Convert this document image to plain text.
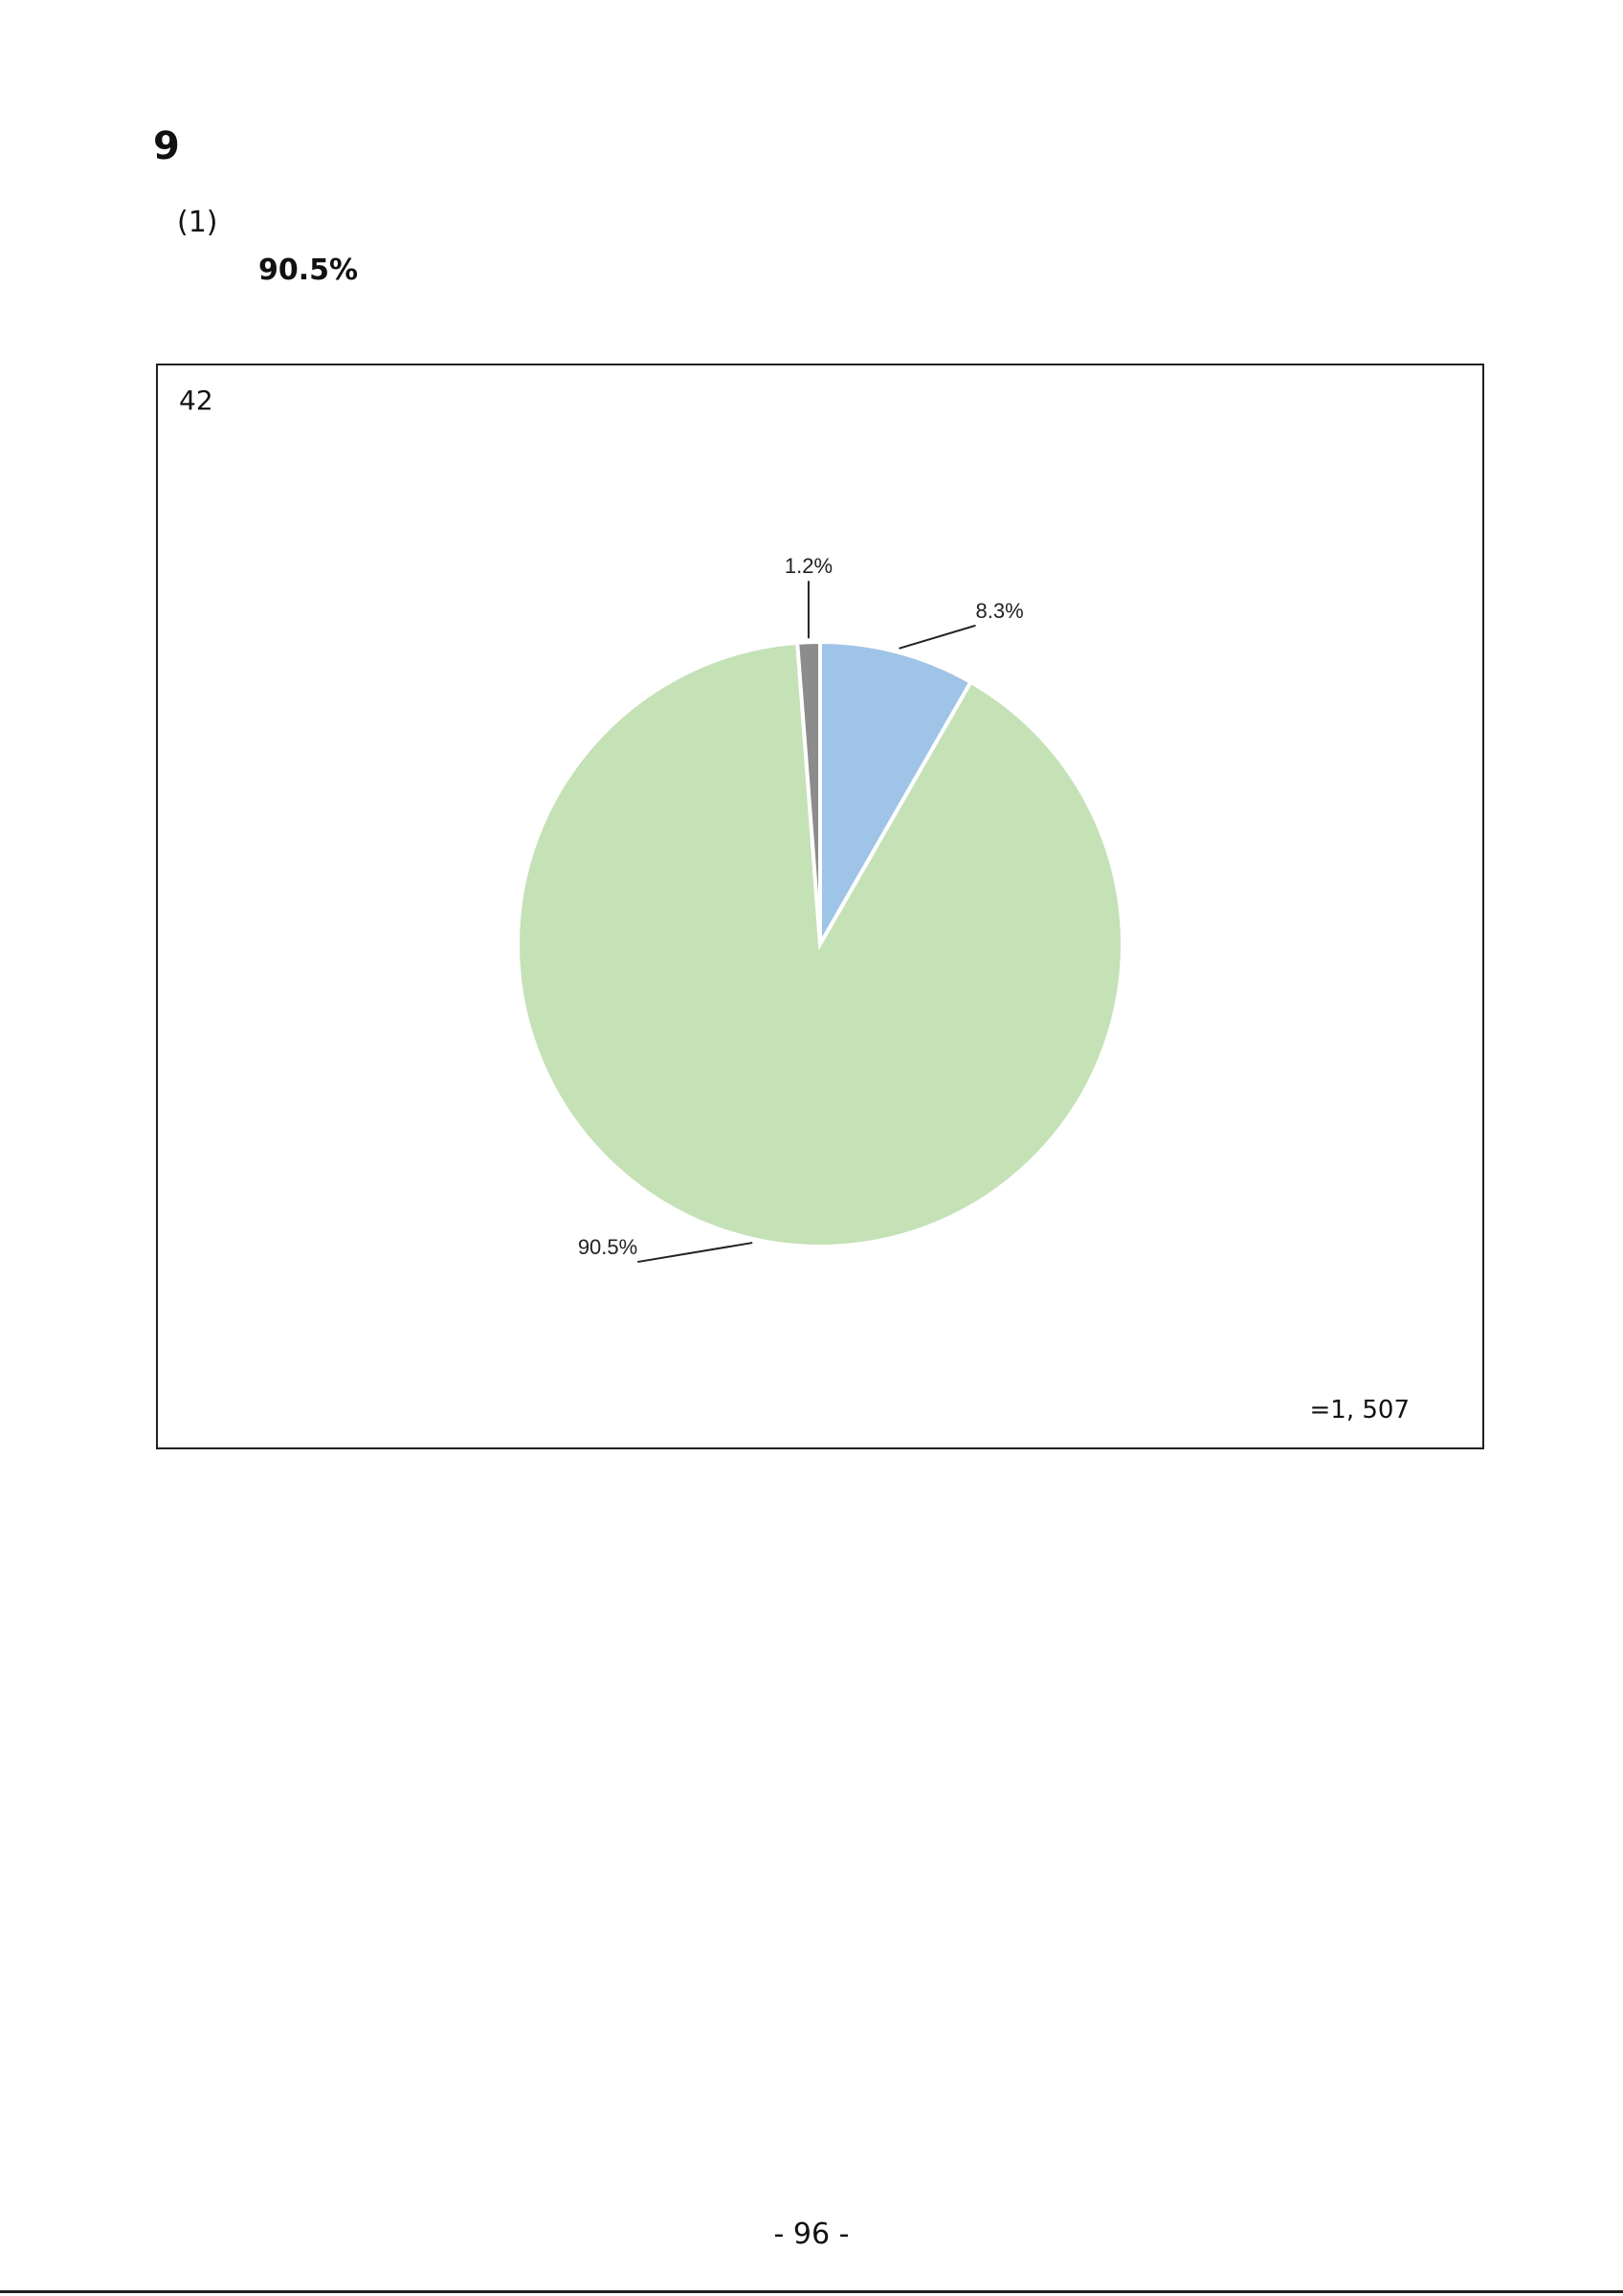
9
(1)
90.5%
42
8.3%
90.5%
1.2%
=1, 507
- 96 -
